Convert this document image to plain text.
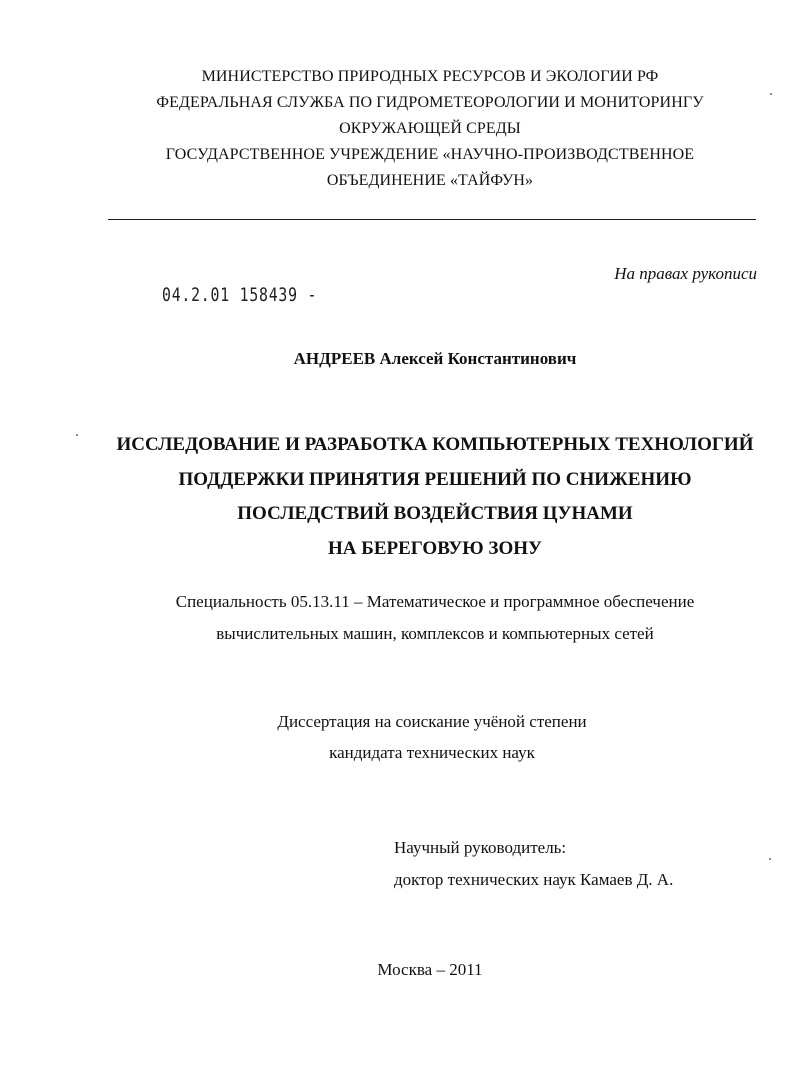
МИНИСТЕРСТВО ПРИРОДНЫХ РЕСУРСОВ И ЭКОЛОГИИ РФ
ФЕДЕРАЛЬНАЯ СЛУЖБА ПО ГИДРОМЕТЕОРОЛОГИИ И МОНИТОРИНГУ
ОКРУЖАЮЩЕЙ СРЕДЫ
ГОСУДАРСТВЕННОЕ УЧРЕЖДЕНИЕ «НАУЧНО-ПРОИЗВОДСТВЕННОЕ
ОБЪЕДИНЕНИЕ «ТАЙФУН»
На правах рукописи
04.2.01 158439 -
АНДРЕЕВ Алексей Константинович
ИССЛЕДОВАНИЕ И РАЗРАБОТКА КОМПЬЮТЕРНЫХ ТЕХНОЛОГИЙ
ПОДДЕРЖКИ ПРИНЯТИЯ РЕШЕНИЙ ПО СНИЖЕНИЮ
ПОСЛЕДСТВИЙ ВОЗДЕЙСТВИЯ ЦУНАМИ
НА БЕРЕГОВУЮ ЗОНУ
Специальность 05.13.11 – Математическое и программное обеспечение
вычислительных машин, комплексов и компьютерных сетей
Диссертация на соискание учёной степени
кандидата технических наук
Научный руководитель:
доктор технических наук Камаев Д. А.
Москва – 2011
